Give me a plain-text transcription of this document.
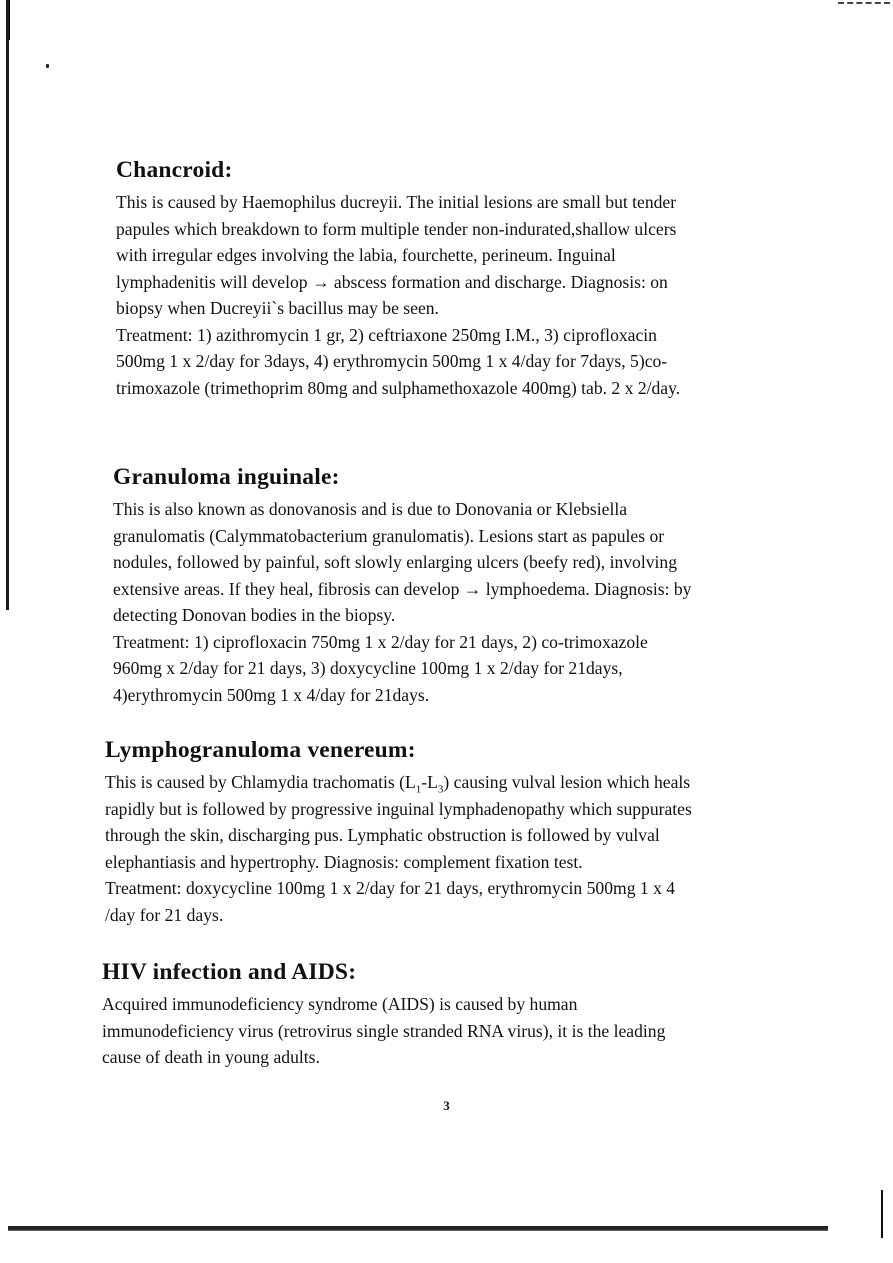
Chancroid:

This is caused by Haemophilus ducreyii. The initial lesions are small but tender
papules which breakdown to form multiple tender non-indurated,shallow ulcers
with irregular edges involving the labia, fourchette, perineum. Inguinal
lymphadenitis will develop → abscess formation and discharge. Diagnosis: on
biopsy when Ducreyii`s bacillus may be seen.

Treatment: 1) azithromycin 1 gr, 2) ceftriaxone 250mg I.M., 3) ciprofloxacin
500mg 1 x 2/day for 3days, 4) erythromycin 500mg 1 x 4/day for 7days, 5)co-
trimoxazole (trimethoprim 80mg and sulphamethoxazole 400mg) tab. 2 x 2/day.

Granuloma inguinale:

This is also known as donovanosis and is due to Donovania or Klebsiella
granulomatis (Calymmatobacterium granulomatis). Lesions start as papules or
nodules, followed by painful, soft slowly enlarging ulcers (beefy red), involving
extensive areas. If they heal, fibrosis can develop → lymphoedema. Diagnosis: by
detecting Donovan bodies in the biopsy.

Treatment: 1) ciprofloxacin 750mg 1 x 2/day for 21 days, 2) co-trimoxazole
960mg x 2/day for 21 days, 3) doxycycline 100mg 1 x 2/day for 21days,
4)erythromycin 500mg 1 x 4/day for 21days.

Lymphogranuloma venereum:

This is caused by Chlamydia trachomatis $(L_1-L_3)$ causing vulval lesion which heals
rapidly but is followed by progressive inguinal lymphadenopathy which suppurates
through the skin, discharging pus. Lymphatic obstruction is followed by vulval
elephantiasis and hypertrophy. Diagnosis: complement fixation test.

Treatment: doxycycline 100mg 1 x 2/day for 21 days, erythromycin 500mg 1 x 4
/day for 21 days.

HIV infection and AIDS:

Acquired immunodeficiency syndrome (AIDS) is caused by human
immunodeficiency virus (retrovirus single stranded RNA virus), it is the leading
cause of death in young adults.

3
